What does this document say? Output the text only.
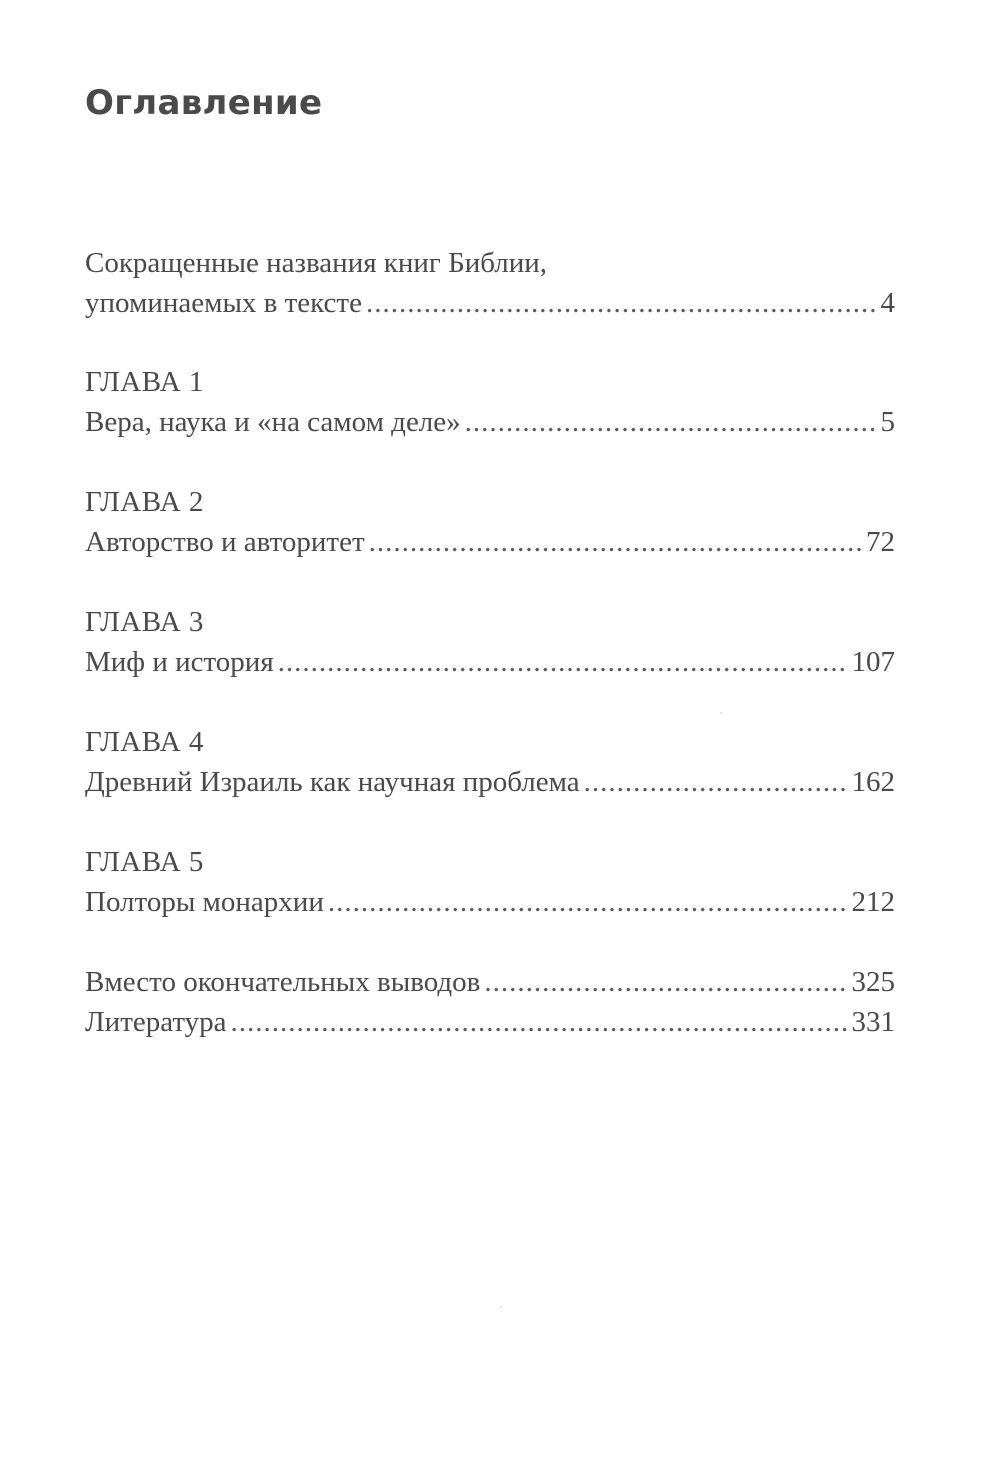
Оглавление
Сокращенные названия книг Библии,
упоминаемых в тексте .....	4
ГЛАВА 1
Вера, наука и «на самом деле» .....	5
ГЛАВА 2
Авторство и авторитет .....	72
ГЛАВА 3
Миф и история .....	107
ГЛАВА 4
Древний Израиль как научная проблема .....	162
ГЛАВА 5
Полторы монархии .....	212
Вместо окончательных выводов .....	325
Литература .....	331
